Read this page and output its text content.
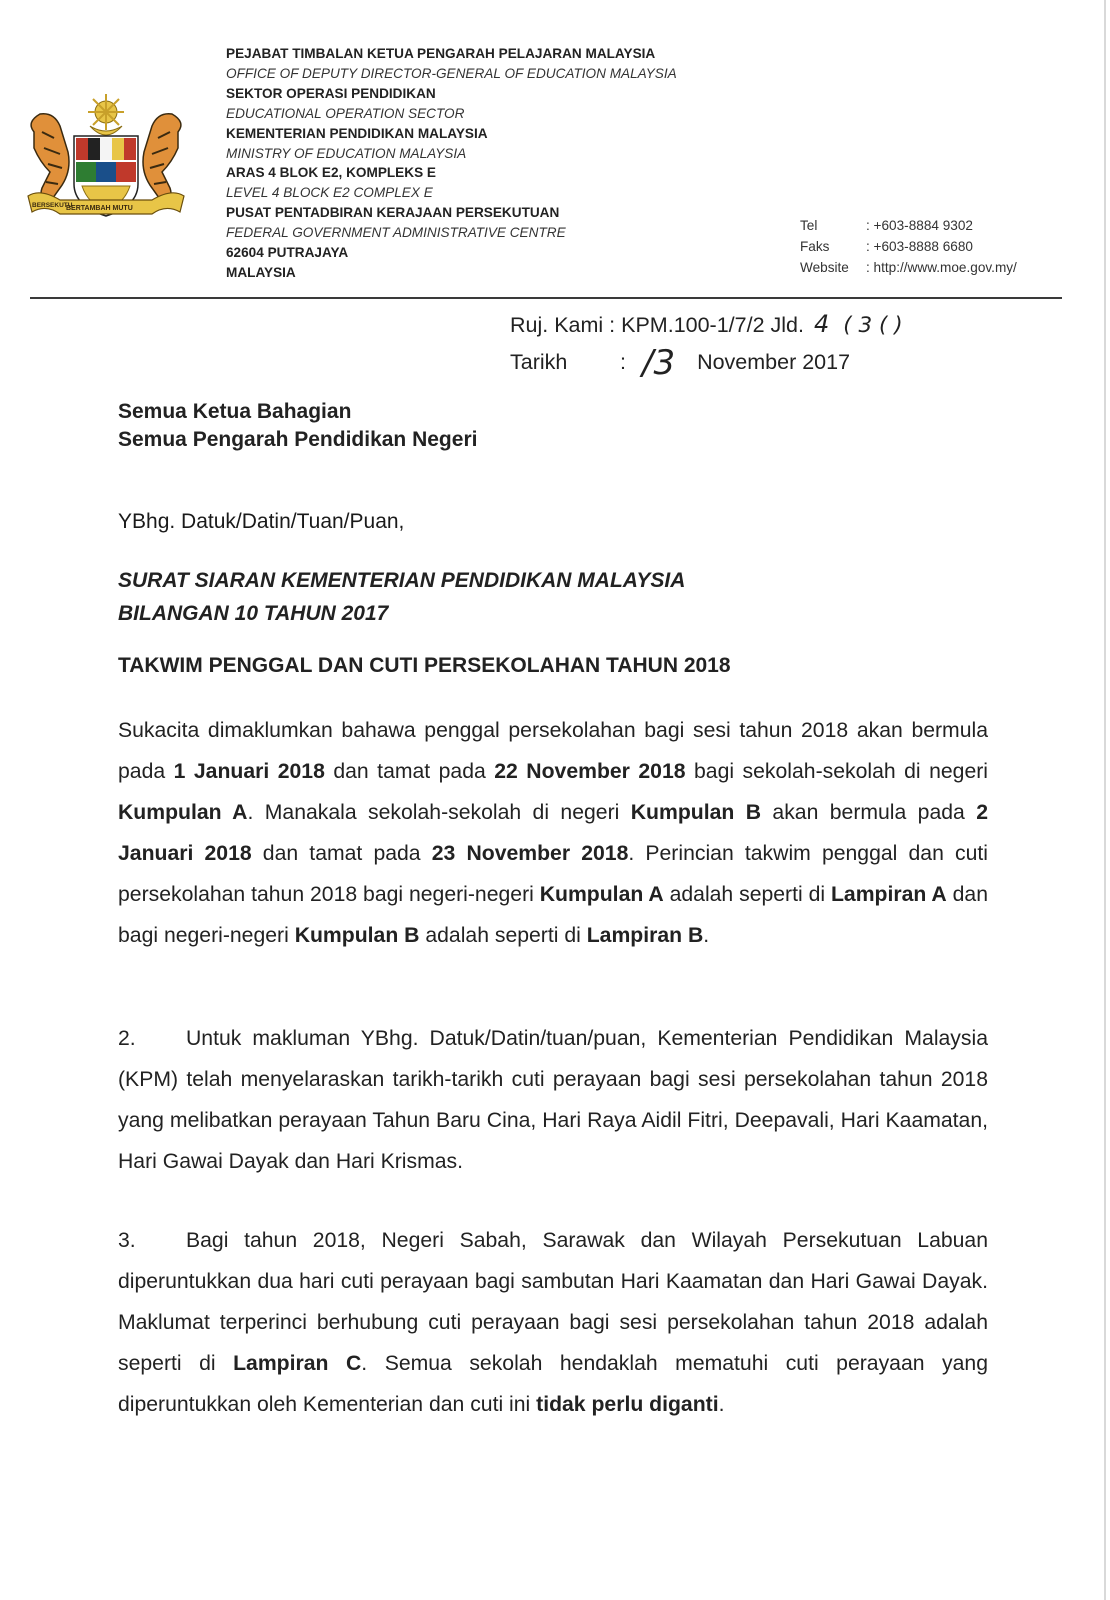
BERSEKUTU
BERTAMBAH MUTU
PEJABAT TIMBALAN KETUA PENGARAH PELAJARAN MALAYSIA
OFFICE OF DEPUTY DIRECTOR-GENERAL OF EDUCATION MALAYSIA
SEKTOR OPERASI PENDIDIKAN
EDUCATIONAL OPERATION SECTOR
KEMENTERIAN PENDIDIKAN MALAYSIA
MINISTRY OF EDUCATION MALAYSIA
ARAS 4 BLOK E2, KOMPLEKS E
LEVEL 4 BLOCK E2 COMPLEX E
PUSAT PENTADBIRAN KERAJAAN PERSEKUTUAN
FEDERAL GOVERNMENT ADMINISTRATIVE CENTRE
62604 PUTRAJAYA
MALAYSIA
Tel	: +603-8884 9302
Faks	: +603-8888 6680
Website : http://www.moe.gov.my/
Ruj. Kami : KPM.100-1/7/2 Jld. 4 ( 3 ( )
Tarikh : /3 November 2017
Semua Ketua Bahagian
Semua Pengarah Pendidikan Negeri
YBhg. Datuk/Datin/Tuan/Puan,
SURAT SIARAN KEMENTERIAN PENDIDIKAN MALAYSIA
BILANGAN 10 TAHUN 2017
TAKWIM PENGGAL DAN CUTI PERSEKOLAHAN TAHUN 2018
Sukacita dimaklumkan bahawa penggal persekolahan bagi sesi tahun 2018 akan bermula pada 1 Januari 2018 dan tamat pada 22 November 2018 bagi sekolah-sekolah di negeri Kumpulan A. Manakala sekolah-sekolah di negeri Kumpulan B akan bermula pada 2 Januari 2018 dan tamat pada 23 November 2018. Perincian takwim penggal dan cuti persekolahan tahun 2018 bagi negeri-negeri Kumpulan A adalah seperti di Lampiran A dan bagi negeri-negeri Kumpulan B adalah seperti di Lampiran B.
2. Untuk makluman YBhg. Datuk/Datin/tuan/puan, Kementerian Pendidikan Malaysia (KPM) telah menyelaraskan tarikh-tarikh cuti perayaan bagi sesi persekolahan tahun 2018 yang melibatkan perayaan Tahun Baru Cina, Hari Raya Aidil Fitri, Deepavali, Hari Kaamatan, Hari Gawai Dayak dan Hari Krismas.
3. Bagi tahun 2018, Negeri Sabah, Sarawak dan Wilayah Persekutuan Labuan diperuntukkan dua hari cuti perayaan bagi sambutan Hari Kaamatan dan Hari Gawai Dayak. Maklumat terperinci berhubung cuti perayaan bagi sesi persekolahan tahun 2018 adalah seperti di Lampiran C. Semua sekolah hendaklah mematuhi cuti perayaan yang diperuntukkan oleh Kementerian dan cuti ini tidak perlu diganti.
